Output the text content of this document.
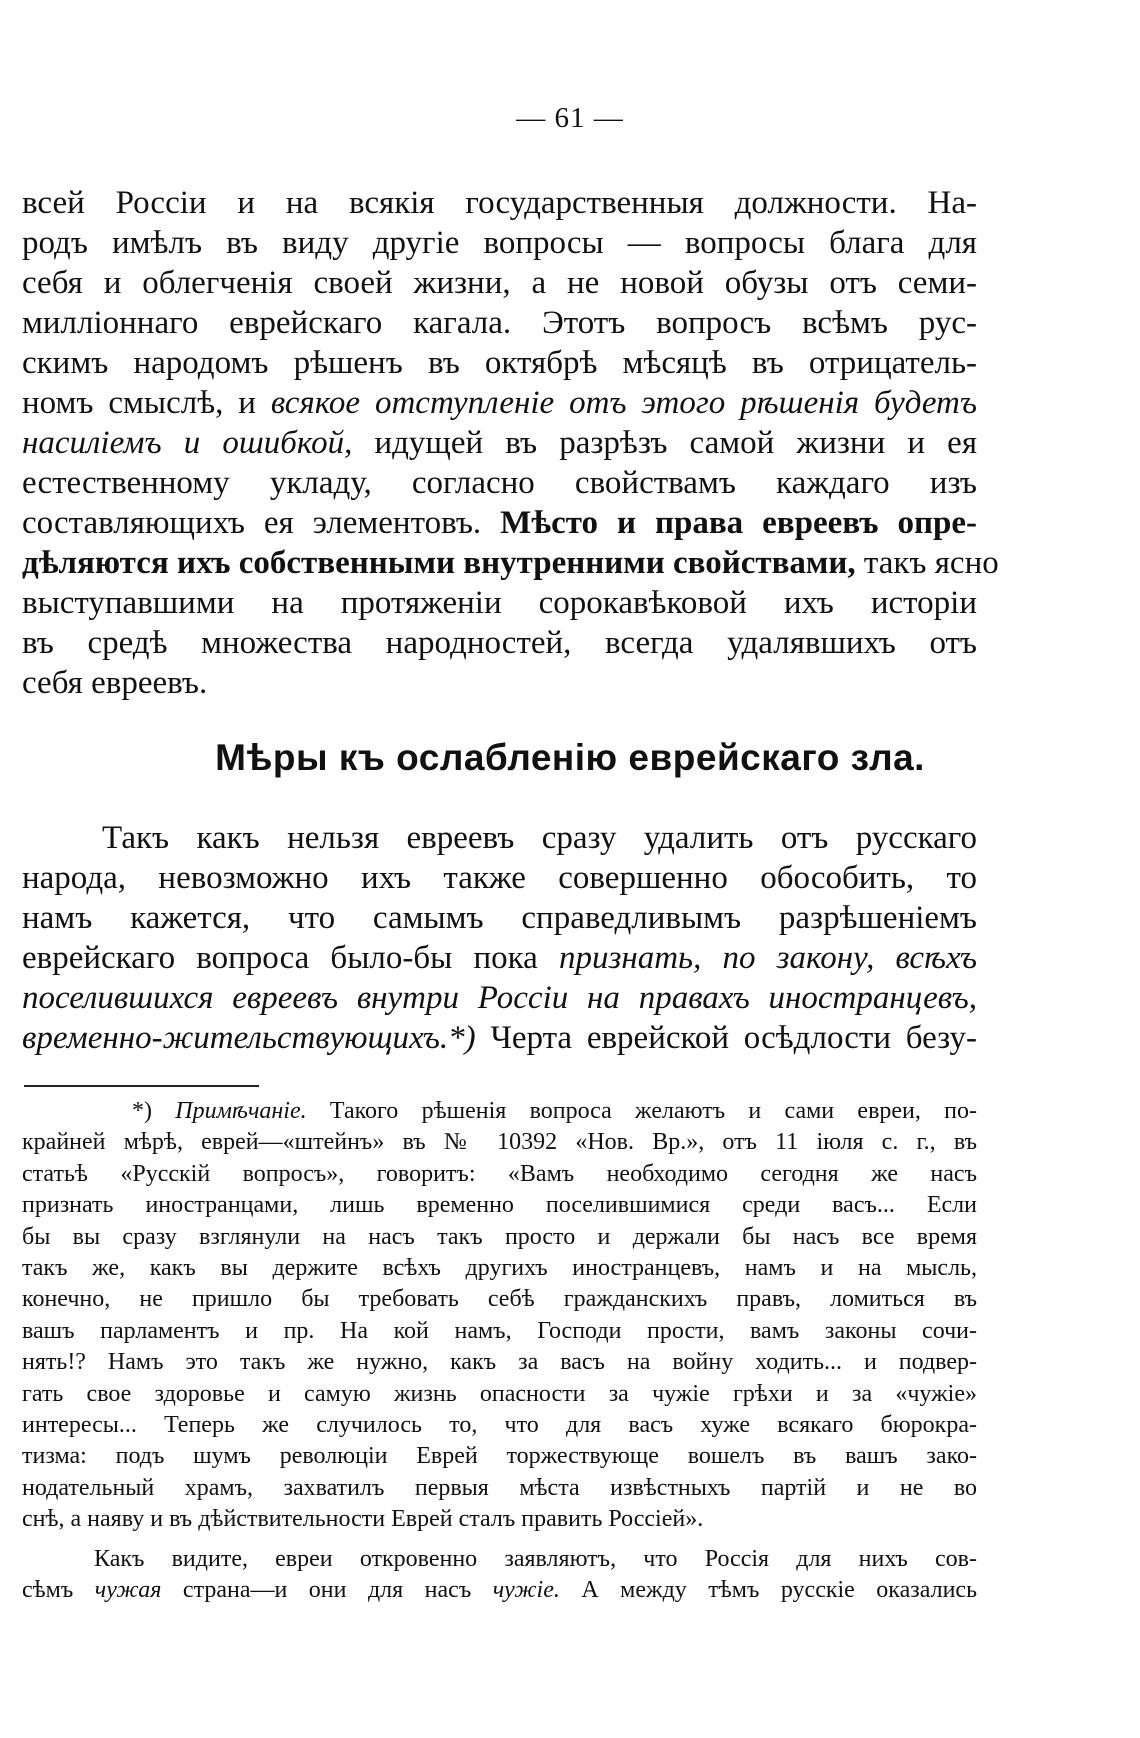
— 61 —
всей Россiи и на всякiя государственныя должности. На-
родъ имѣлъ въ виду другiе вопросы — вопросы блага для
себя и облегченiя своей жизни, а не новой обузы отъ семи-
миллiоннаго еврейскаго кагала. Этотъ вопросъ всѣмъ рус-
скимъ народомъ рѣшенъ въ октябрѣ мѣсяцѣ въ отрицатель-
номъ смыслѣ, и всякое отступленiе отъ этого рѣшенiя будетъ
насилiемъ и ошибкой, идущей въ разрѣзъ самой жизни и ея
естественному укладу, согласно свойствамъ каждаго изъ
составляющихъ ея элементовъ. Мѣсто и права евреевъ опре-
дѣляются ихъ собственными внутренними свойствами, такъ ясно
выступавшими на протяженiи сорокавѣковой ихъ исторiи
въ средѣ множества народностей, всегда удалявшихъ отъ
себя евреевъ.
Мѣры къ ослабленiю еврейскаго зла.
Такъ какъ нельзя евреевъ сразу удалить отъ русскаго
народа, невозможно ихъ также совершенно обособить, то
намъ кажется, что самымъ справедливымъ разрѣшенiемъ
еврейскаго вопроса было-бы пока признать, по закону, всѣхъ
поселившихся евреевъ внутри Россiи на правахъ иностранцевъ,
временно-жительствующихъ.*) Черта еврейской осѣдлости безу-
*) Примѣчанiе. Такого рѣшенiя вопроса желаютъ и сами евреи, по-
крайней мѣрѣ, еврей—«штейнъ» въ № 10392 «Нов. Вр.», отъ 11 iюля с. г., въ
статьѣ «Русскiй вопросъ», говоритъ: «Вамъ необходимо сегодня же насъ
признать иностранцами, лишь временно поселившимися среди васъ... Если
бы вы сразу взглянули на насъ такъ просто и держали бы насъ все время
такъ же, какъ вы держите всѣхъ другихъ иностранцевъ, намъ и на мысль,
конечно, не пришло бы требовать себѣ гражданскихъ правъ, ломиться въ
вашъ парламентъ и пр. На кой намъ, Господи прости, вамъ законы сочи-
нять!? Намъ это такъ же нужно, какъ за васъ на войну ходить... и подвер-
гать свое здоровье и самую жизнь опасности за чужiе грѣхи и за «чужiе»
интересы... Теперь же случилось то, что для васъ хуже всякаго бюрокра-
тизма: подъ шумъ революцiи Еврей торжествующе вошелъ въ вашъ зако-
нодательный храмъ, захватилъ первыя мѣста извѣстныхъ партiй и не во
снѣ, а наяву и въ дѣйствительности Еврей сталъ править Россiей».
Какъ видите, евреи откровенно заявляютъ, что Россiя для нихъ сов-
сѣмъ чужая страна—и они для насъ чужiе. А между тѣмъ русскiе оказались
